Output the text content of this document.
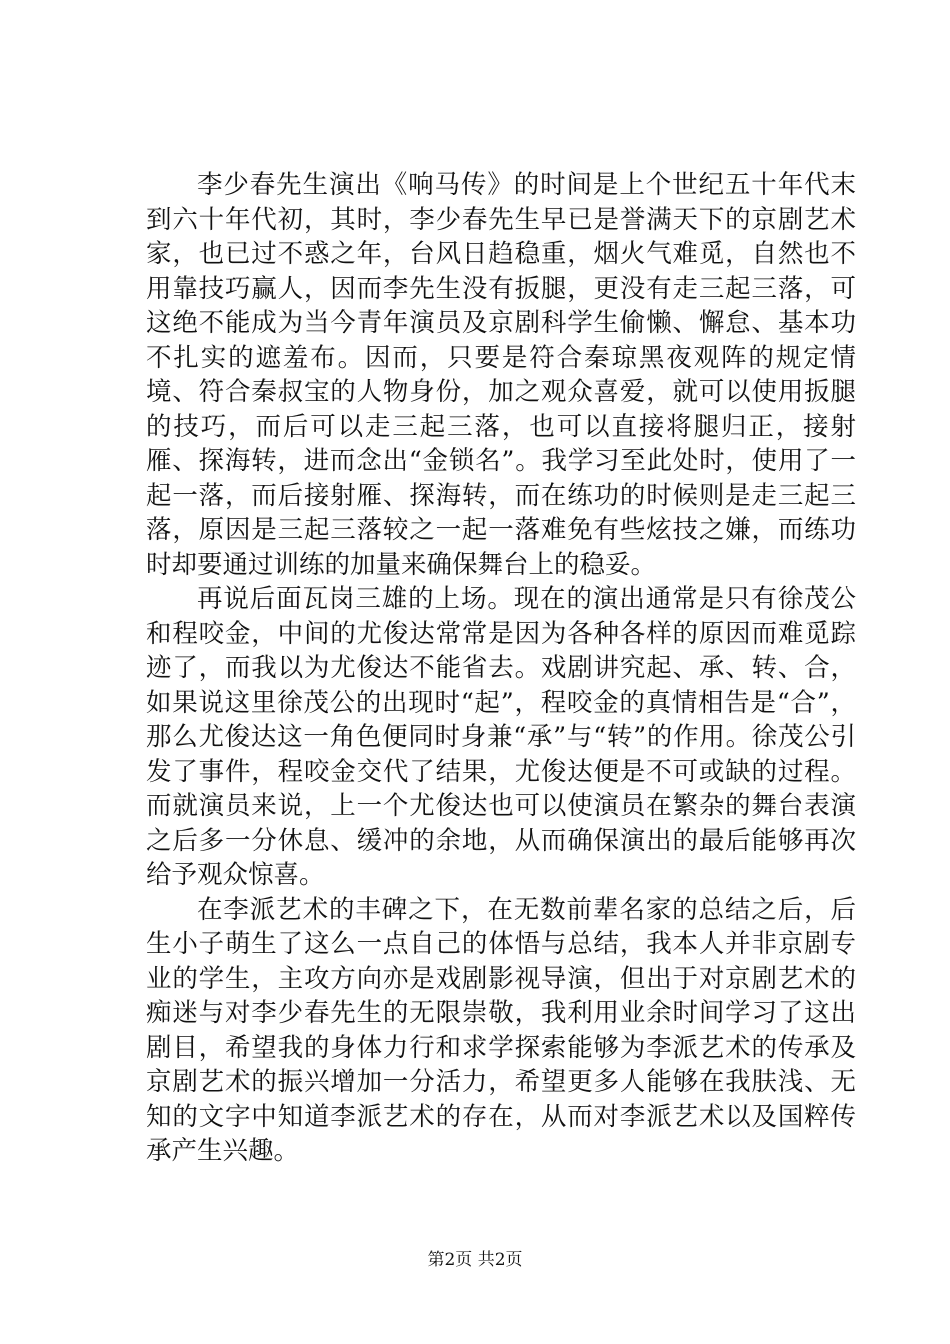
李少春先生演出《响马传》的时间是上个世纪五十年代末到六十年代初，其时，李少春先生早已是誉满天下的京剧艺术家，也已过不惑之年，台风日趋稳重，烟火气难觅，自然也不用靠技巧赢人，因而李先生没有扳腿，更没有走三起三落，可这绝不能成为当今青年演员及京剧科学生偷懒、懈怠、基本功不扎实的遮羞布。因而，只要是符合秦琼黑夜观阵的规定情境、符合秦叔宝的人物身份，加之观众喜爱，就可以使用扳腿的技巧，而后可以走三起三落，也可以直接将腿归正，接射雁、探海转，进而念出“金锁名”。我学习至此处时，使用了一起一落，而后接射雁、探海转，而在练功的时候则是走三起三落，原因是三起三落较之一起一落难免有些炫技之嫌，而练功时却要通过训练的加量来确保舞台上的稳妥。

再说后面瓦岗三雄的上场。现在的演出通常是只有徐茂公和程咬金，中间的尤俊达常常是因为各种各样的原因而难觅踪迹了，而我以为尤俊达不能省去。戏剧讲究起、承、转、合，如果说这里徐茂公的出现时“起”，程咬金的真情相告是“合”，那么尤俊达这一角色便同时身兼“承”与“转”的作用。徐茂公引发了事件，程咬金交代了结果，尤俊达便是不可或缺的过程。而就演员来说，上一个尤俊达也可以使演员在繁杂的舞台表演之后多一分休息、缓冲的余地，从而确保演出的最后能够再次给予观众惊喜。

在李派艺术的丰碑之下，在无数前辈名家的总结之后，后生小子萌生了这么一点自己的体悟与总结，我本人并非京剧专业的学生，主攻方向亦是戏剧影视导演，但出于对京剧艺术的痴迷与对李少春先生的无限崇敬，我利用业余时间学习了这出剧目，希望我的身体力行和求学探索能够为李派艺术的传承及京剧艺术的振兴增加一分活力，希望更多人能够在我肤浅、无知的文字中知道李派艺术的存在，从而对李派艺术以及国粹传承产生兴趣。

第2页 共2页
